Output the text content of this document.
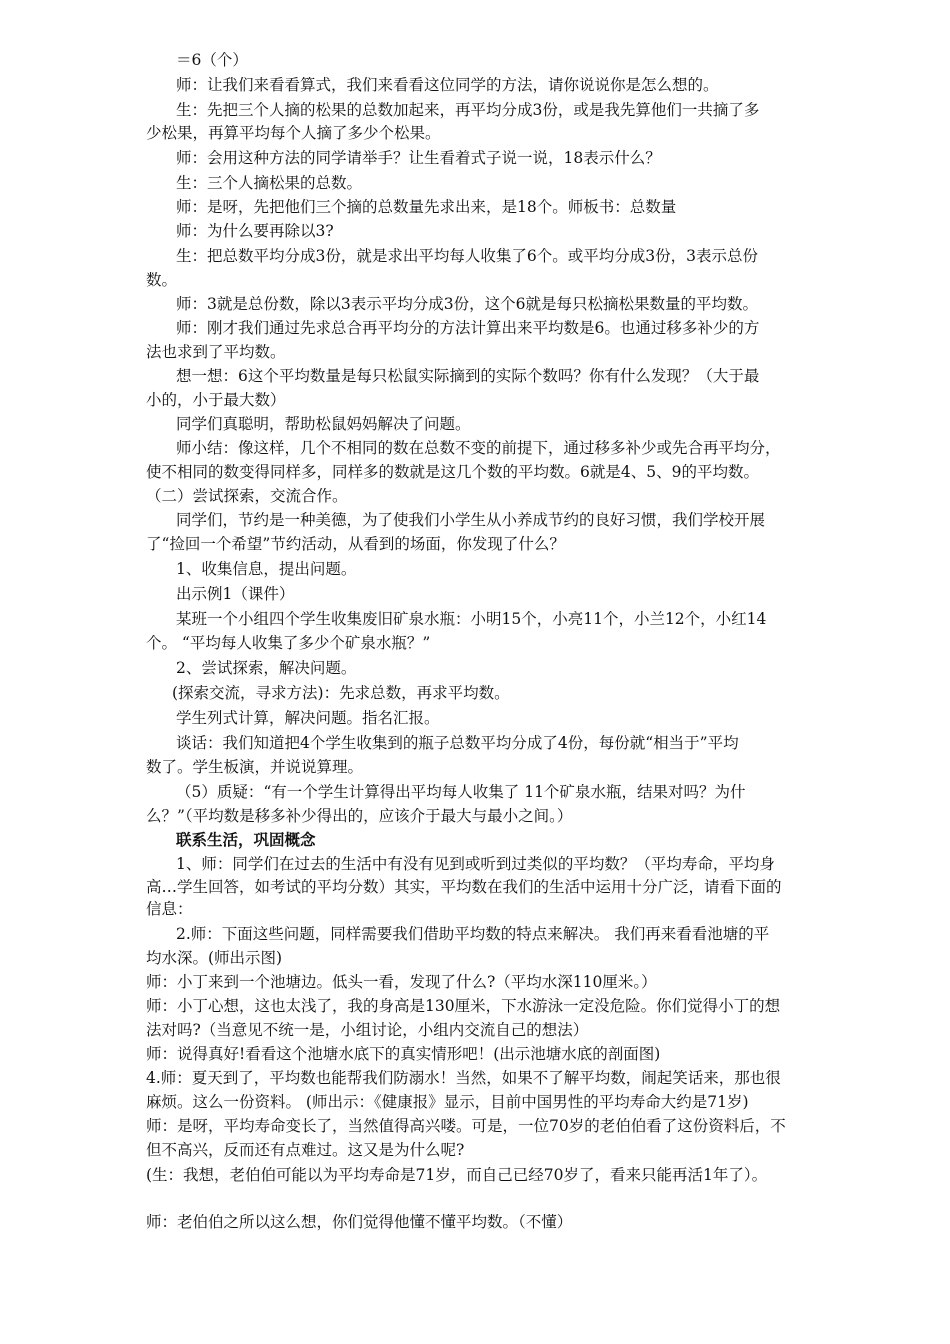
＝6（个）
师：让我们来看看算式，我们来看看这位同学的方法，请你说说你是怎么想的。
生：先把三个人摘的松果的总数加起来，再平均分成3份，或是我先算他们一共摘了多
少松果，再算平均每个人摘了多少个松果。
师：会用这种方法的同学请举手？让生看着式子说一说，18表示什么？
生：三个人摘松果的总数。
师：是呀，先把他们三个摘的总数量先求出来，是18个。师板书：总数量
师：为什么要再除以3?
生：把总数平均分成3份，就是求出平均每人收集了6个。或平均分成3份，3表示总份
数。
师：3就是总份数，除以3表示平均分成3份，这个6就是每只松摘松果数量的平均数。
师：刚才我们通过先求总合再平均分的方法计算出来平均数是6。也通过移多补少的方
法也求到了平均数。
想一想：6这个平均数量是每只松鼠实际摘到的实际个数吗？你有什么发现？（大于最
小的，小于最大数）
同学们真聪明，帮助松鼠妈妈解决了问题。
师小结：像这样，几个不相同的数在总数不变的前提下，通过移多补少或先合再平均分，
使不相同的数变得同样多，同样多的数就是这几个数的平均数。6就是4、5、9的平均数。
（二）尝试探索，交流合作。
同学们，节约是一种美德，为了使我们小学生从小养成节约的良好习惯，我们学校开展
了“捡回一个希望”节约活动，从看到的场面，你发现了什么？
1、收集信息，提出问题。
出示例1（课件）
某班一个小组四个学生收集废旧矿泉水瓶：小明15个，小亮11个，小兰12个，小红14
个。 “平均每人收集了多少个矿泉水瓶？”
2、尝试探索，解决问题。
(探索交流，寻求方法)：先求总数，再求平均数。
学生列式计算，解决问题。指名汇报。
谈话：我们知道把4个学生收集到的瓶子总数平均分成了4份，每份就“相当于”平均
数了。学生板演，并说说算理。
（5）质疑：“有一个学生计算得出平均每人收集了 11个矿泉水瓶，结果对吗？为什
么？”（平均数是移多补少得出的，应该介于最大与最小之间。）
联系生活，巩固概念
1、师：同学们在过去的生活中有没有见到或听到过类似的平均数？（平均寿命，平均身
高…学生回答，如考试的平均分数）其实，平均数在我们的生活中运用十分广泛，请看下面的
信息：
2.师：下面这些问题，同样需要我们借助平均数的特点来解决。 我们再来看看池塘的平
均水深。(师出示图)
师：小丁来到一个池塘边。低头一看，发现了什么?（平均水深110厘米。）
师：小丁心想，这也太浅了，我的身高是130厘米，下水游泳一定没危险。你们觉得小丁的想
法对吗?（当意见不统一是，小组讨论，小组内交流自己的想法）
师：说得真好!看看这个池塘水底下的真实情形吧！(出示池塘水底的剖面图)
4.师：夏天到了，平均数也能帮我们防溺水！当然，如果不了解平均数，闹起笑话来，那也很
麻烦。这么一份资料。 (师出示：《健康报》显示，目前中国男性的平均寿命大约是71岁)
师：是呀，平均寿命变长了，当然值得高兴喽。可是，一位70岁的老伯伯看了这份资料后，不
但不高兴，反而还有点难过。这又是为什么呢?
(生：我想，老伯伯可能以为平均寿命是71岁，而自己已经70岁了，看来只能再活1年了）。
师：老伯伯之所以这么想，你们觉得他懂不懂平均数。（不懂）
